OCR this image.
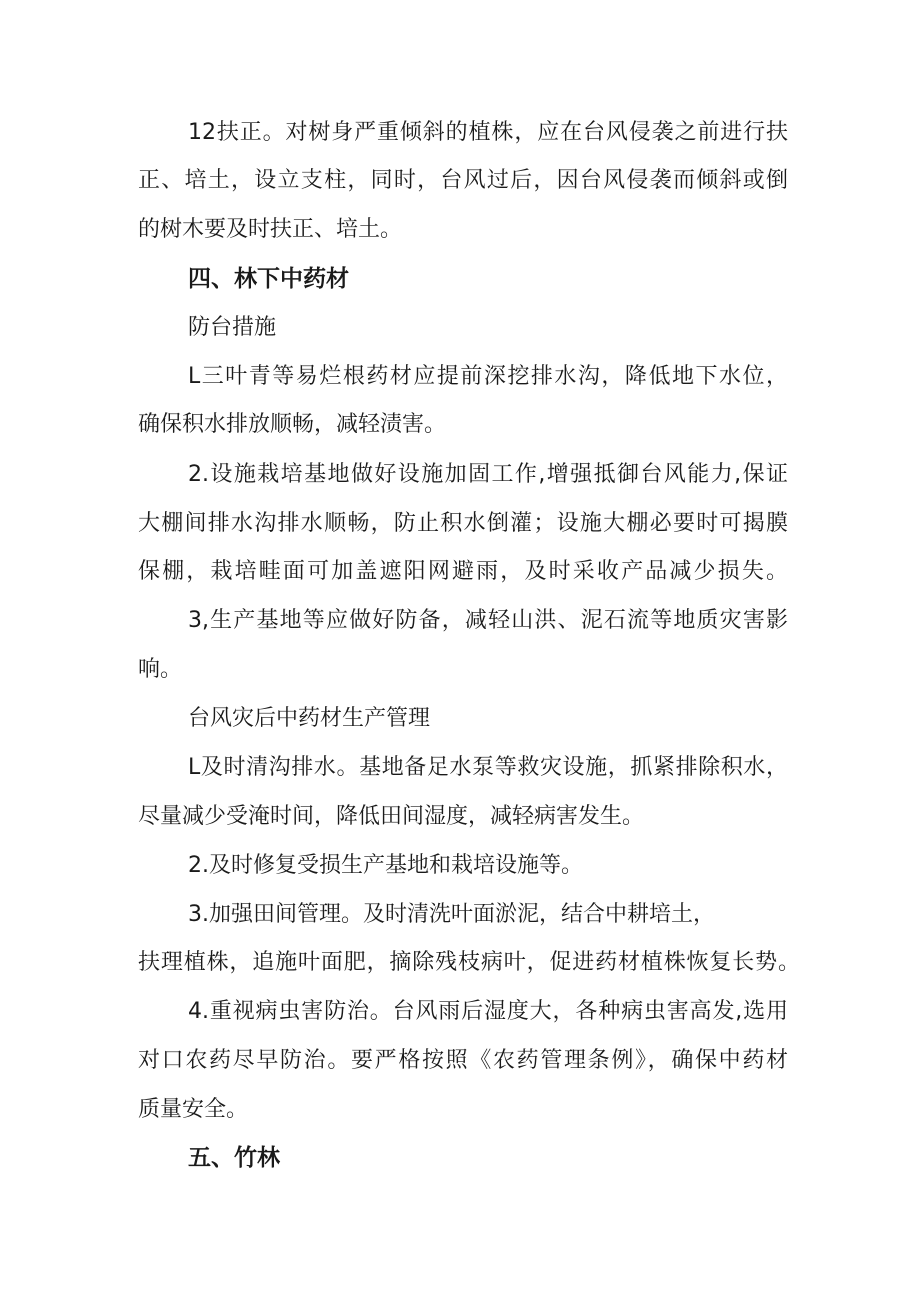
12扶正。对树身严重倾斜的植株，应在台风侵袭之前进行扶
正、培土，设立支柱，同时，台风过后，因台风侵袭而倾斜或倒
的树木要及时扶正、培土。
四、林下中药材
防台措施
L三叶青等易烂根药材应提前深挖排水沟，降低地下水位，
确保积水排放顺畅，减轻渍害。
2.设施栽培基地做好设施加固工作,增强抵御台风能力,保证
大棚间排水沟排水顺畅，防止积水倒灌；设施大棚必要时可揭膜
保棚，栽培畦面可加盖遮阳网避雨，及时采收产品减少损失。
3,生产基地等应做好防备，减轻山洪、泥石流等地质灾害影
响。
台风灾后中药材生产管理
L及时清沟排水。基地备足水泵等救灾设施，抓紧排除积水，
尽量减少受淹时间，降低田间湿度，减轻病害发生。
2.及时修复受损生产基地和栽培设施等。
3.加强田间管理。及时清洗叶面淤泥，结合中耕培土，
扶理植株，追施叶面肥，摘除残枝病叶，促进药材植株恢复长势。
4.重视病虫害防治。台风雨后湿度大，各种病虫害高发,选用
对口农药尽早防治。要严格按照《农药管理条例》，确保中药材
质量安全。
五、竹林
